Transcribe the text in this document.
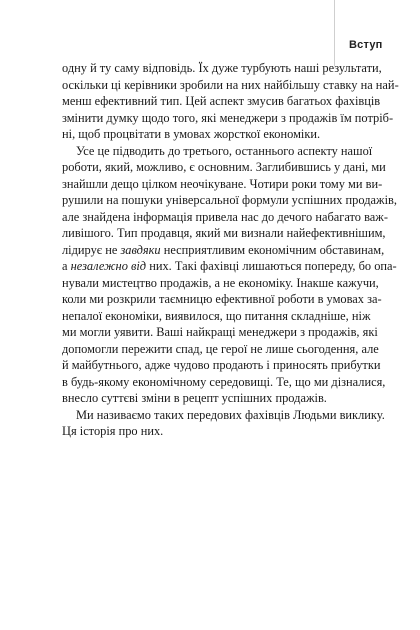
Вступ
одну й ту саму відповідь. Їх дуже турбують наші результати,
оскільки ці керівники зробили на них найбільшу ставку на най-
менш ефективний тип. Цей аспект змусив багатьох фахівців
змінити думку щодо того, які менеджери з продажів їм потріб-
ні, щоб процвітати в умовах жорсткої економіки.
Усе це підводить до третього, останнього аспекту нашої
роботи, який, можливо, є основним. Заглибившись у дані, ми
знайшли дещо цілком неочікуване. Чотири роки тому ми ви-
рушили на пошуки універсальної формули успішних продажів,
але знайдена інформація привела нас до дечого набагато важ-
ливішого. Тип продавця, який ми визнали найефективнішим,
лідирує не завдяки несприятливим економічним обставинам,
а незалежно від них. Такі фахівці лишаються попереду, бо опа-
нували мистецтво продажів, а не економіку. Інакше кажучи,
коли ми розкрили таємницю ефективної роботи в умовах за-
непалої економіки, виявилося, що питання складніше, ніж
ми могли уявити. Ваші найкращі менеджери з продажів, які
допомогли пережити спад, це герої не лише сьогодення, але
й майбутнього, адже чудово продають і приносять прибутки
в будь-якому економічному середовищі. Те, що ми дізналися,
внесло суттєві зміни в рецепт успішних продажів.
Ми називаємо таких передових фахівців Людьми виклику.
Ця історія про них.
